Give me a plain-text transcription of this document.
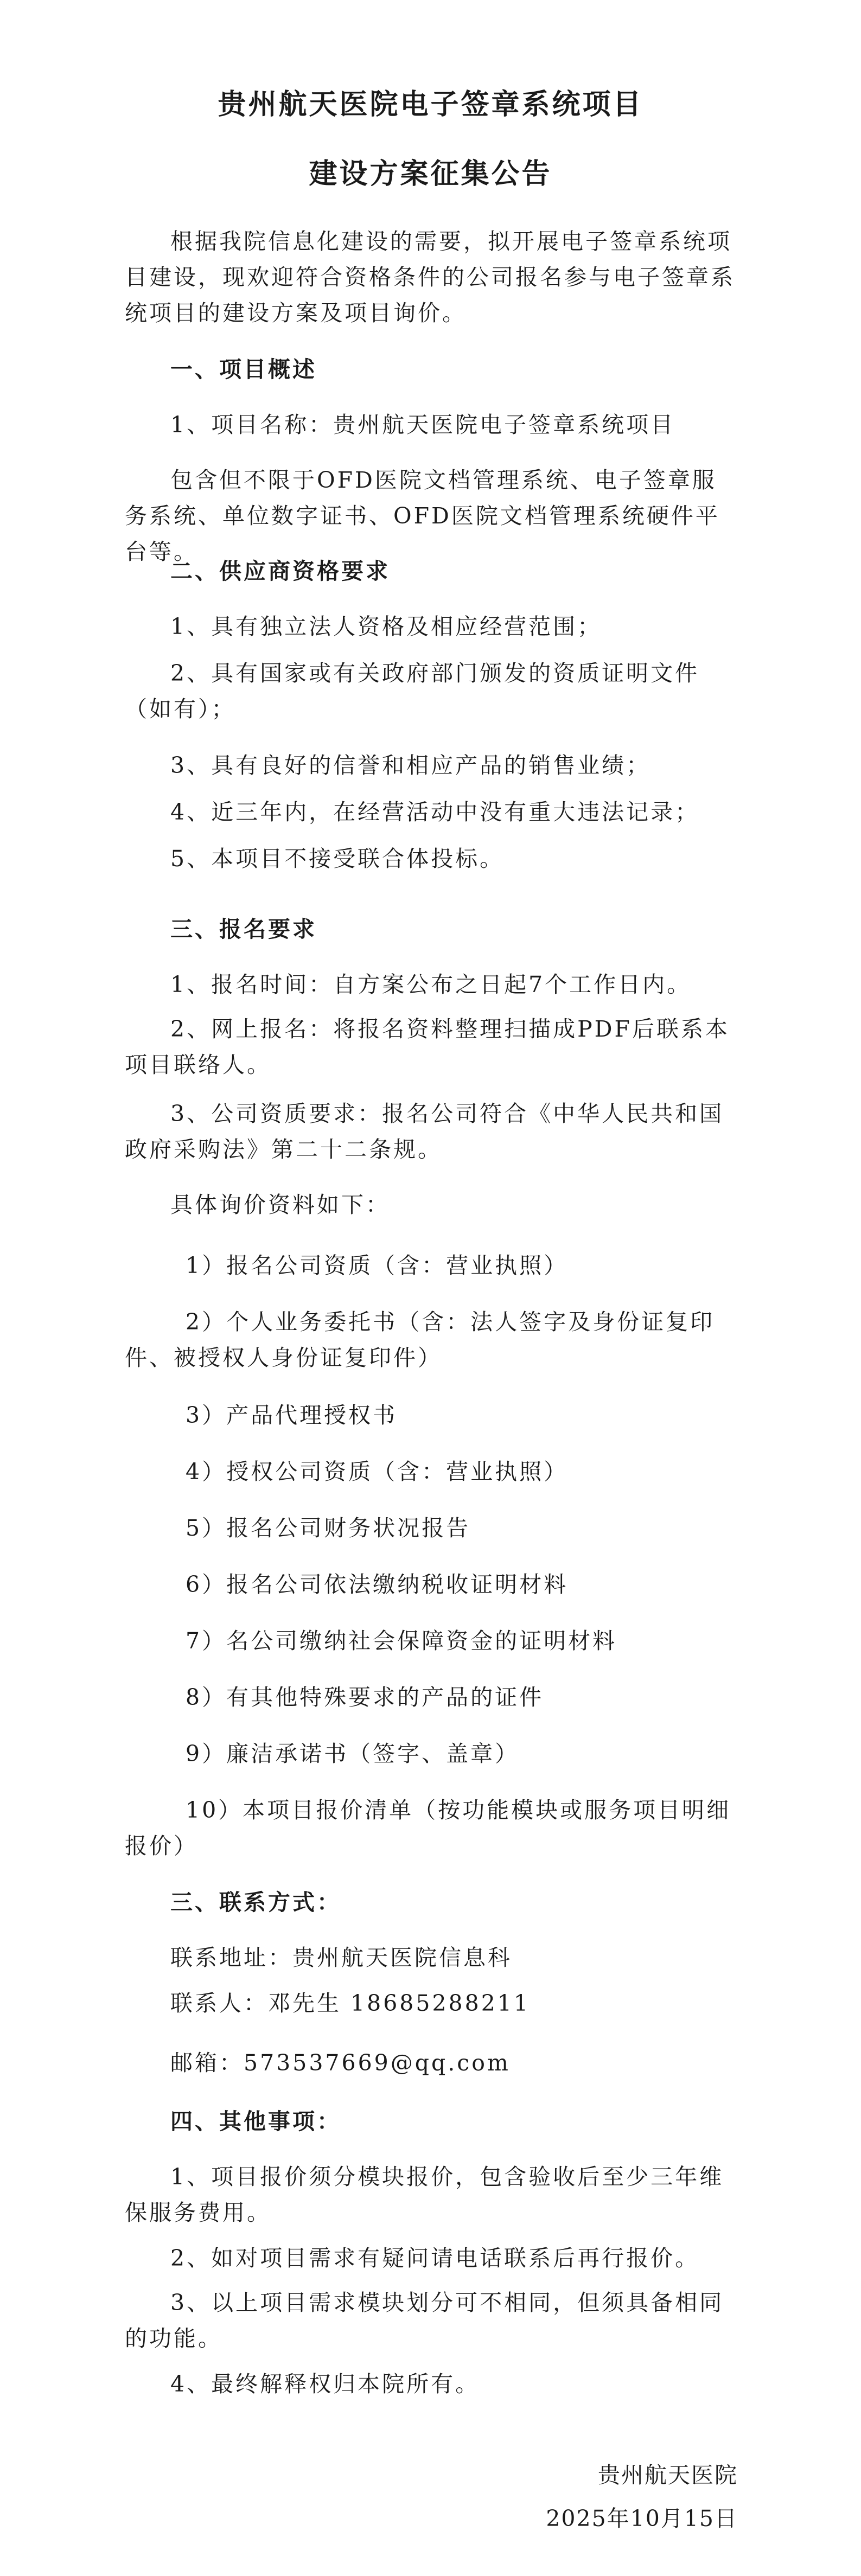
贵州航天医院电子签章系统项目
建设方案征集公告

根据我院信息化建设的需要，拟开展电子签章系统项目建设，现欢迎符合资格条件的公司报名参与电子签章系统项目的建设方案及项目询价。

一、项目概述

1、项目名称：贵州航天医院电子签章系统项目

包含但不限于OFD医院文档管理系统、电子签章服务系统、单位数字证书、OFD医院文档管理系统硬件平台等。

二、供应商资格要求

1、具有独立法人资格及相应经营范围；

2、具有国家或有关政府部门颁发的资质证明文件（如有）；

3、具有良好的信誉和相应产品的销售业绩；

4、近三年内，在经营活动中没有重大违法记录；

5、本项目不接受联合体投标。

三、报名要求

1、报名时间：自方案公布之日起7个工作日内。

2、网上报名：将报名资料整理扫描成PDF后联系本项目联络人。

3、公司资质要求：报名公司符合《中华人民共和国政府采购法》第二十二条规。

具体询价资料如下：

1）报名公司资质（含：营业执照）

2）个人业务委托书（含：法人签字及身份证复印件、被授权人身份证复印件）

3）产品代理授权书

4）授权公司资质（含：营业执照）

5）报名公司财务状况报告

6）报名公司依法缴纳税收证明材料

7）名公司缴纳社会保障资金的证明材料

8）有其他特殊要求的产品的证件

9）廉洁承诺书（签字、盖章）

10）本项目报价清单（按功能模块或服务项目明细报价）

三、联系方式：

联系地址：贵州航天医院信息科

联系人：邓先生 18685288211

邮箱：573537669@qq.com

四、其他事项：

1、项目报价须分模块报价，包含验收后至少三年维保服务费用。

2、如对项目需求有疑问请电话联系后再行报价。

3、以上项目需求模块划分可不相同，但须具备相同的功能。

4、最终解释权归本院所有。

贵州航天医院

2025年10月15日
